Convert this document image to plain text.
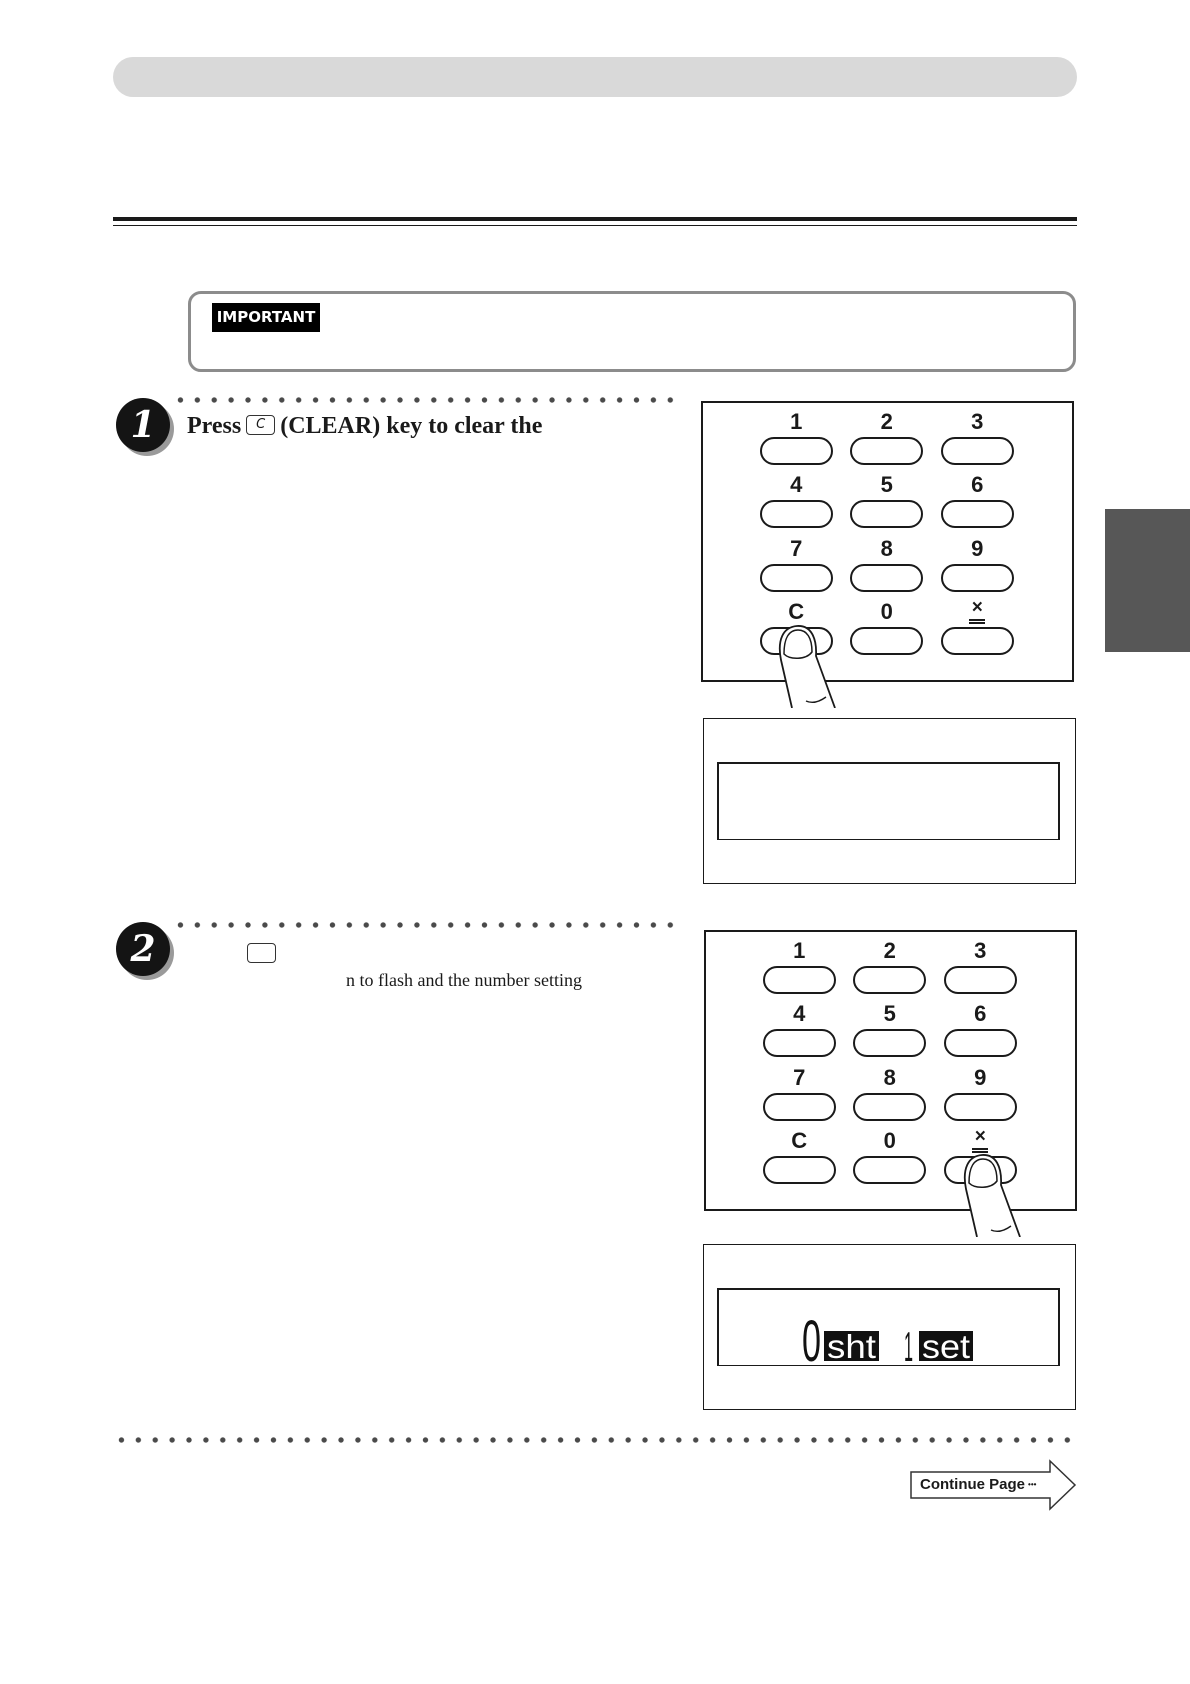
IMPORTANT
1	Press C (CLEAR) key to clear the	1	2	3
4	5	6
7	8	9
C	0	×
2
n to flash and the number setting
1	2	3
4	5	6
7	8	9
C	0	×
0 sht 1 set
Continue Page •••
